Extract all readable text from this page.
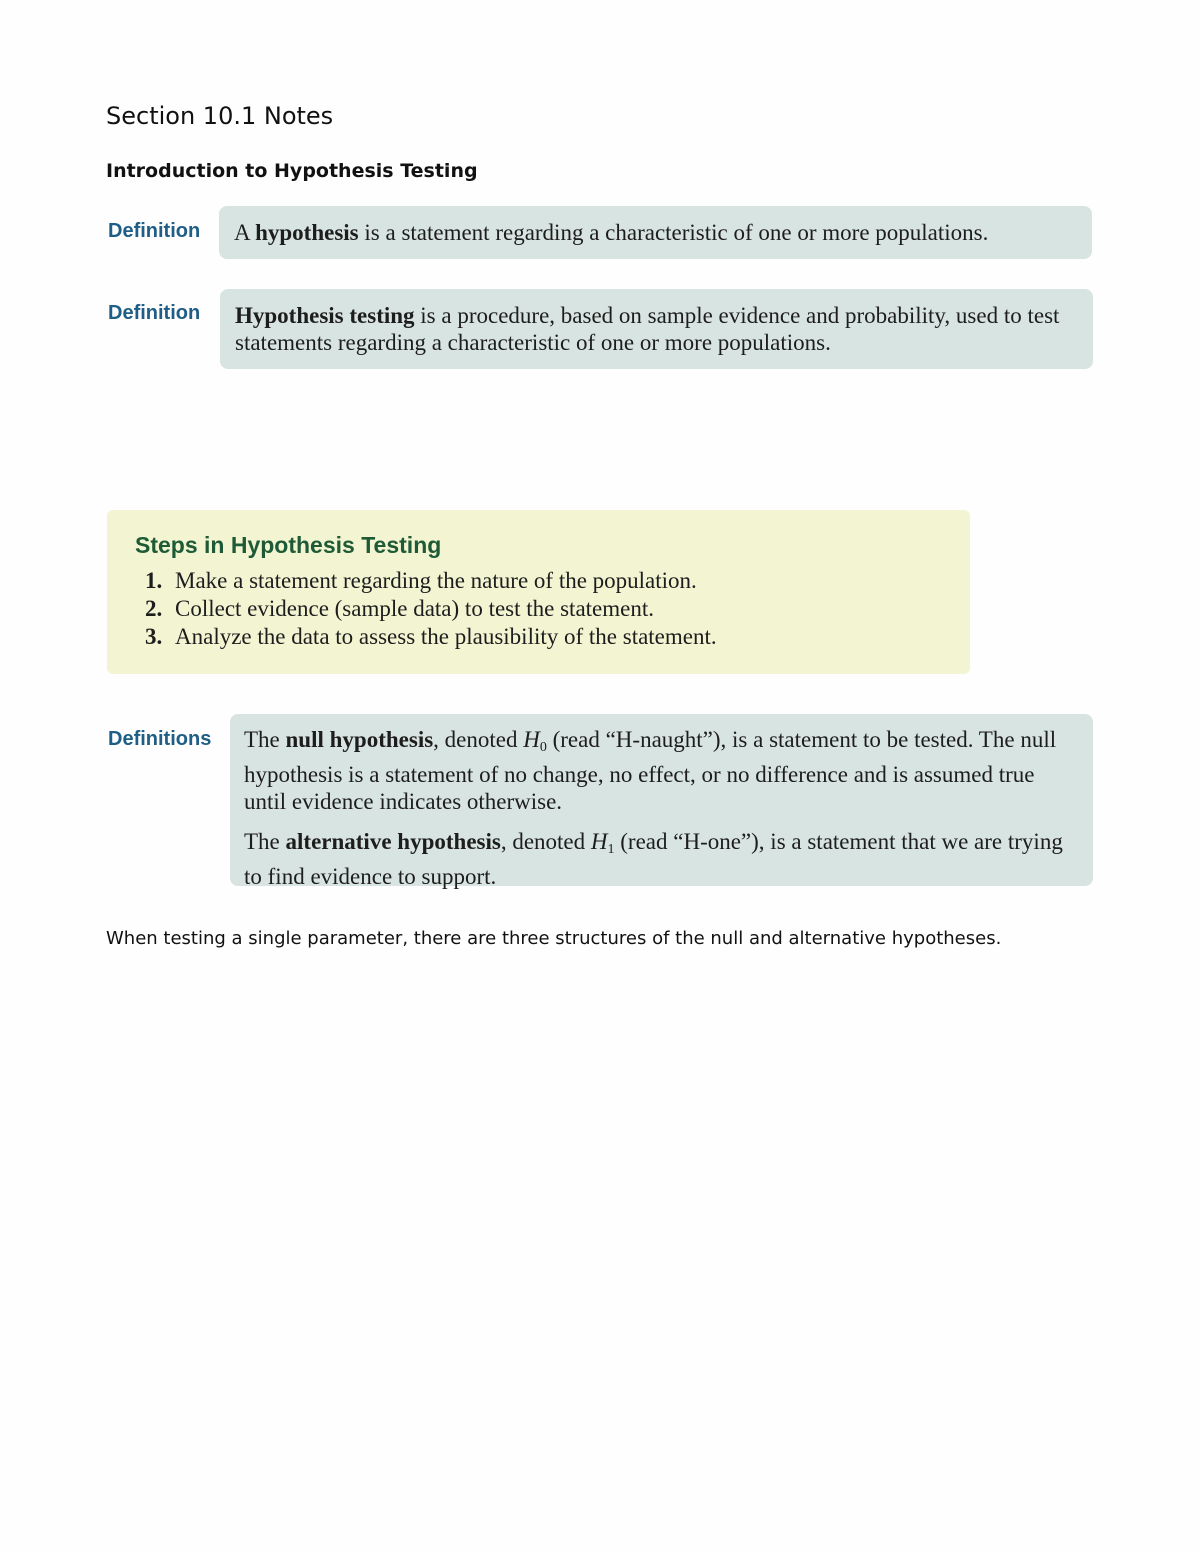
Section 10.1 Notes
Introduction to Hypothesis Testing
Definition A hypothesis is a statement regarding a characteristic of one or more populations.

Definition Hypothesis testing is a procedure, based on sample evidence and probability, used to test statements regarding a characteristic of one or more populations.

Steps in Hypothesis Testing
1. Make a statement regarding the nature of the population.
2. Collect evidence (sample data) to test the statement.
3. Analyze the data to assess the plausibility of the statement.
Definitions The null hypothesis, denoted $H_0$ (read “H-naught”), is a statement to be tested. The null hypothesis is a statement of no change, no effect, or no difference and is assumed true until evidence indicates otherwise.

The alternative hypothesis, denoted $H_1$ (read “H-one”), is a statement that we are trying to find evidence to support.

When testing a single parameter, there are three structures of the null and alternative hypotheses.
